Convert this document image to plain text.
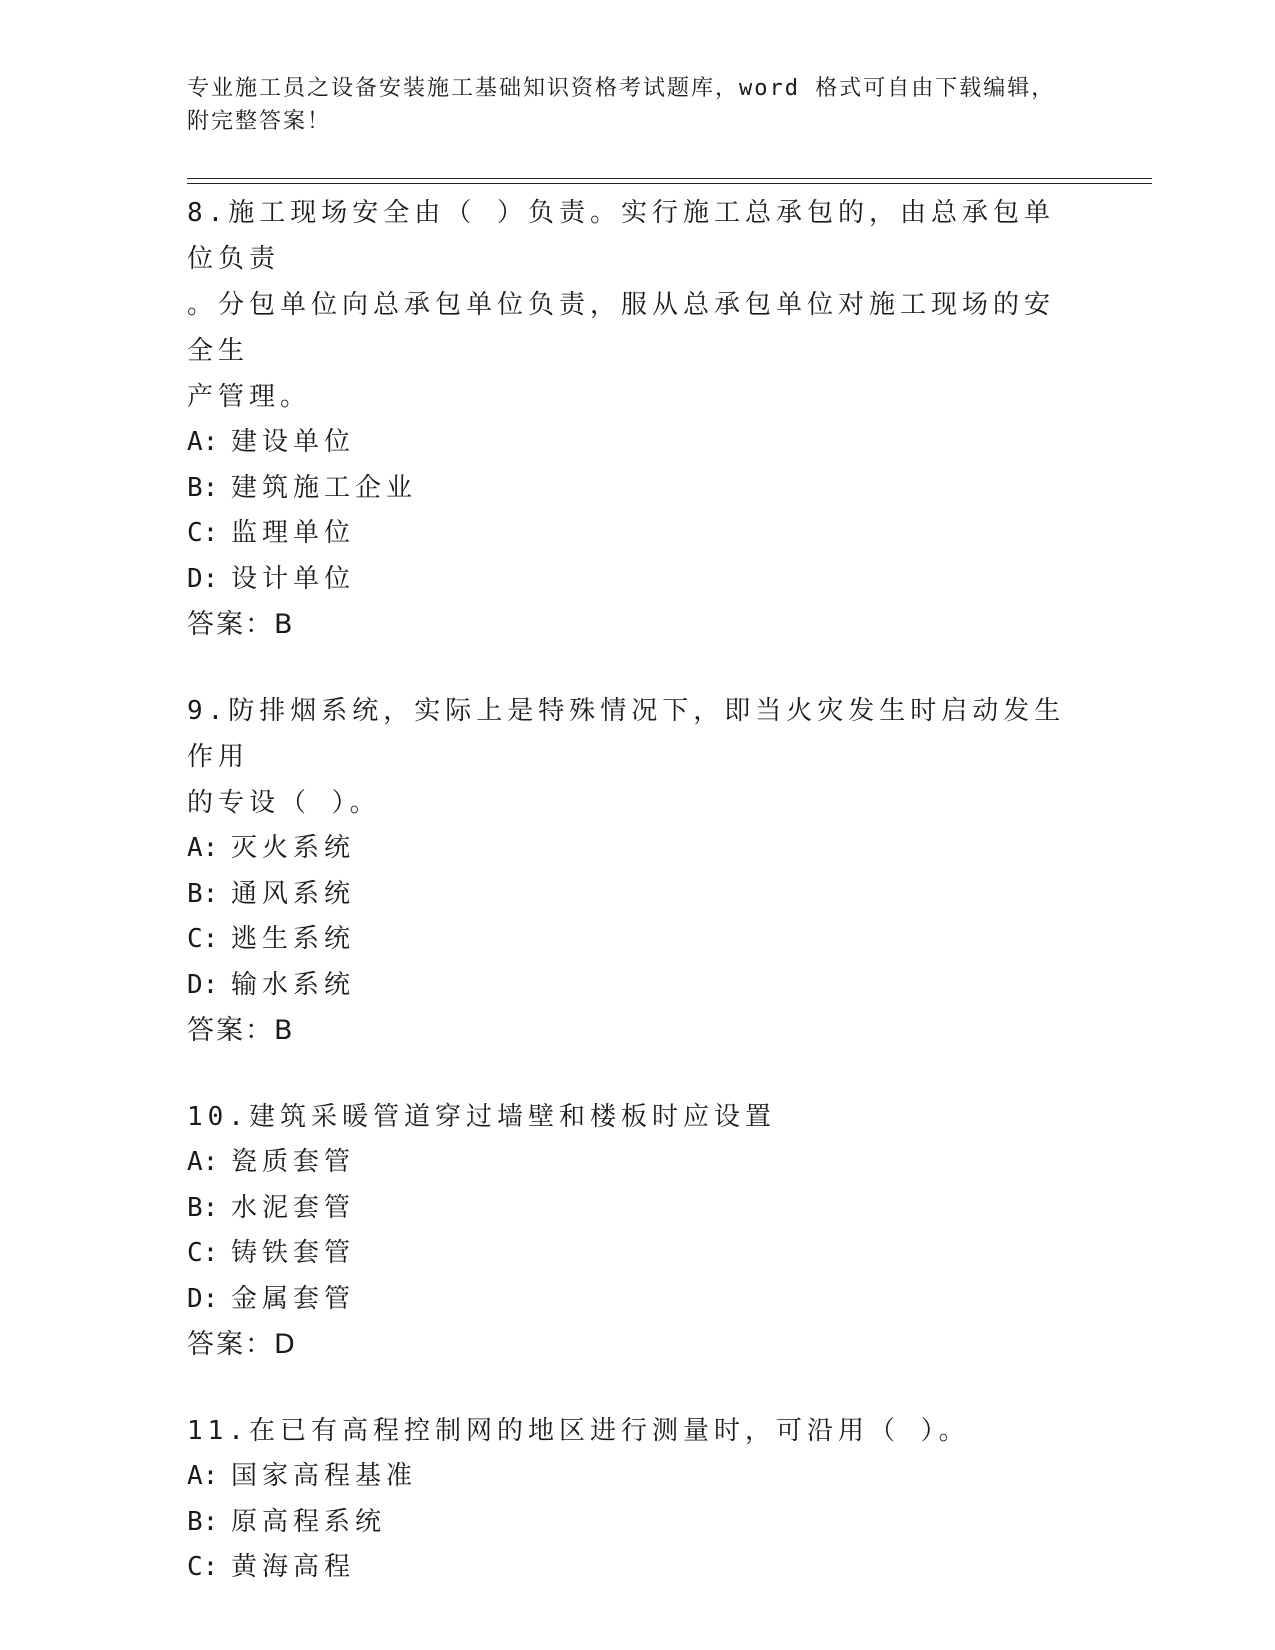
专业施工员之设备安装施工基础知识资格考试题库，word 格式可自由下载编辑，
附完整答案！

8.施工现场安全由（ ）负责。实行施工总承包的，由总承包单位负责

。分包单位向总承包单位负责，服从总承包单位对施工现场的安全生

产管理。

A: 建设单位

B: 建筑施工企业

C: 监理单位

D: 设计单位

答案：B

9.防排烟系统，实际上是特殊情况下，即当火灾发生时启动发生作用

的专设（ ）。

A: 灭火系统

B: 通风系统

C: 逃生系统

D: 输水系统

答案：B

10.建筑采暖管道穿过墙壁和楼板时应设置

A: 瓷质套管

B: 水泥套管

C: 铸铁套管

D: 金属套管

答案：D

11.在已有高程控制网的地区进行测量时，可沿用（ ）。

A: 国家高程基准

B: 原高程系统

C: 黄海高程
